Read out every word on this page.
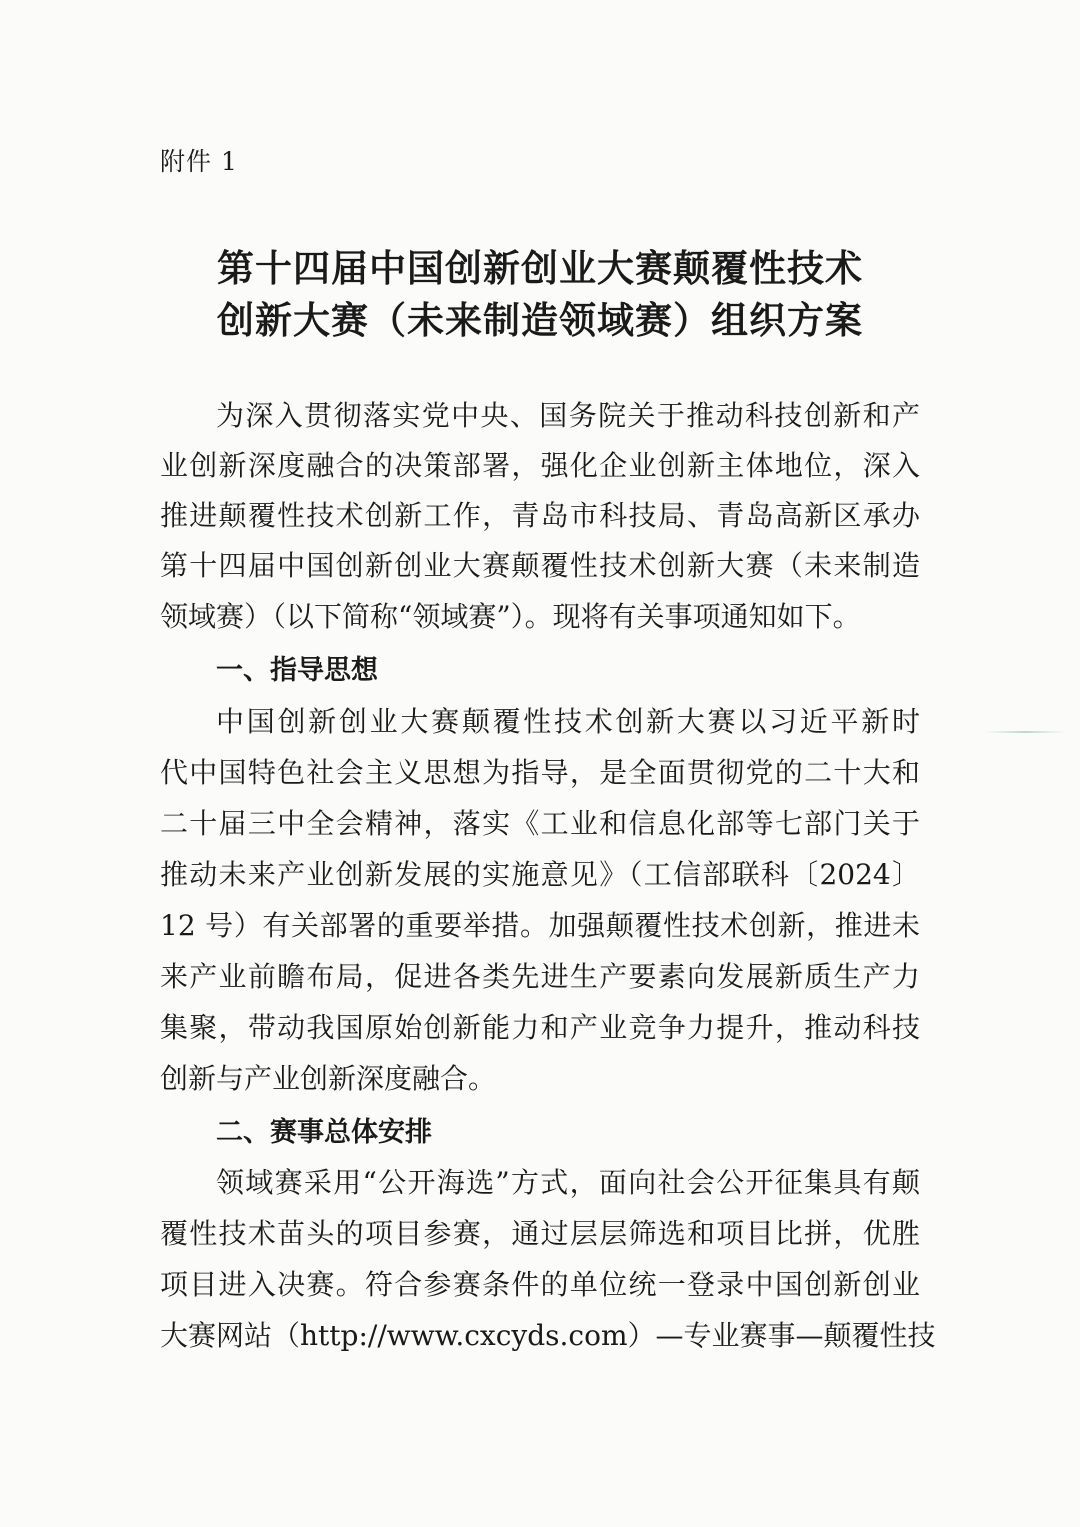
附件 1
第十四届中国创新创业大赛颠覆性技术
创新大赛（未来制造领域赛）组织方案
为深入贯彻落实党中央、国务院关于推动科技创新和产
业创新深度融合的决策部署，强化企业创新主体地位，深入
推进颠覆性技术创新工作，青岛市科技局、青岛高新区承办
第十四届中国创新创业大赛颠覆性技术创新大赛（未来制造
领域赛）（以下简称“领域赛”）。现将有关事项通知如下。
一、指导思想
中国创新创业大赛颠覆性技术创新大赛以习近平新时
代中国特色社会主义思想为指导，是全面贯彻党的二十大和
二十届三中全会精神，落实《工业和信息化部等七部门关于
推动未来产业创新发展的实施意见》（工信部联科〔2024〕
12 号）有关部署的重要举措。加强颠覆性技术创新，推进未
来产业前瞻布局，促进各类先进生产要素向发展新质生产力
集聚，带动我国原始创新能力和产业竞争力提升，推动科技
创新与产业创新深度融合。
二、赛事总体安排
领域赛采用“公开海选”方式，面向社会公开征集具有颠
覆性技术苗头的项目参赛，通过层层筛选和项目比拼，优胜
项目进入决赛。符合参赛条件的单位统一登录中国创新创业
大赛网站（http://www.cxcyds.com）—专业赛事—颠覆性技
